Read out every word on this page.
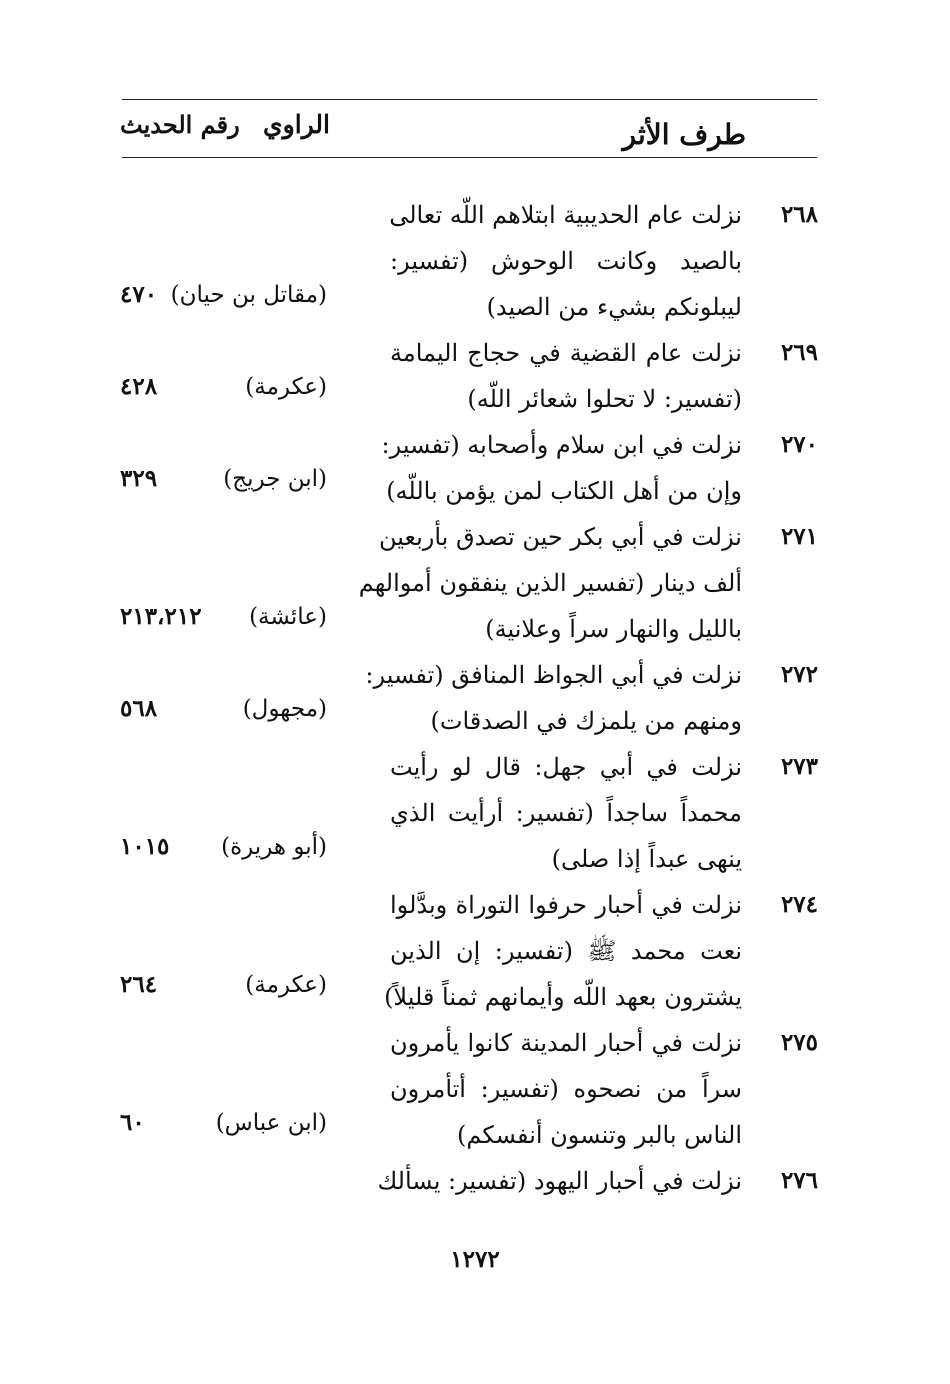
طرف الأثر
الراوي
رقم الحديث
٢٦٨
نزلت عام الحديبية ابتلاهم اللّه تعالى
بالصيد وكانت الوحوش (تفسير:
ليبلونكم بشيء من الصيد)
(مقاتل بن حيان)
٤٧٠
٢٦٩
نزلت عام القضية في حجاج اليمامة
(تفسير: لا تحلوا شعائر اللّه)
(عكرمة)
٤٢٨
٢٧٠
نزلت في ابن سلام وأصحابه (تفسير:
وإن من أهل الكتاب لمن يؤمن باللّه)
(ابن جريج)
٣٢٩
٢٧١
نزلت في أبي بكر حين تصدق بأربعين
ألف دينار (تفسير الذين ينفقون أموالهم
بالليل والنهار سراً وعلانية)
(عائشة)
٢١٣،٢١٢
٢٧٢
نزلت في أبي الجواظ المنافق (تفسير:
ومنهم من يلمزك في الصدقات)
(مجهول)
٥٦٨
٢٧٣
نزلت في أبي جهل: قال لو رأيت
محمداً ساجداً (تفسير: أرأيت الذي
ينهى عبداً إذا صلى)
(أبو هريرة)
١٠١٥
٢٧٤
نزلت في أحبار حرفوا التوراة وبدَّلوا
نعت محمد ﷺ (تفسير: إن الذين
يشترون بعهد اللّه وأيمانهم ثمناً قليلاً)
(عكرمة)
٢٦٤
٢٧٥
نزلت في أحبار المدينة كانوا يأمرون
سراً من نصحوه (تفسير: أتأمرون
الناس بالبر وتنسون أنفسكم)
(ابن عباس)
٦٠
٢٧٦
نزلت في أحبار اليهود (تفسير: يسألك
١٢٧٢
